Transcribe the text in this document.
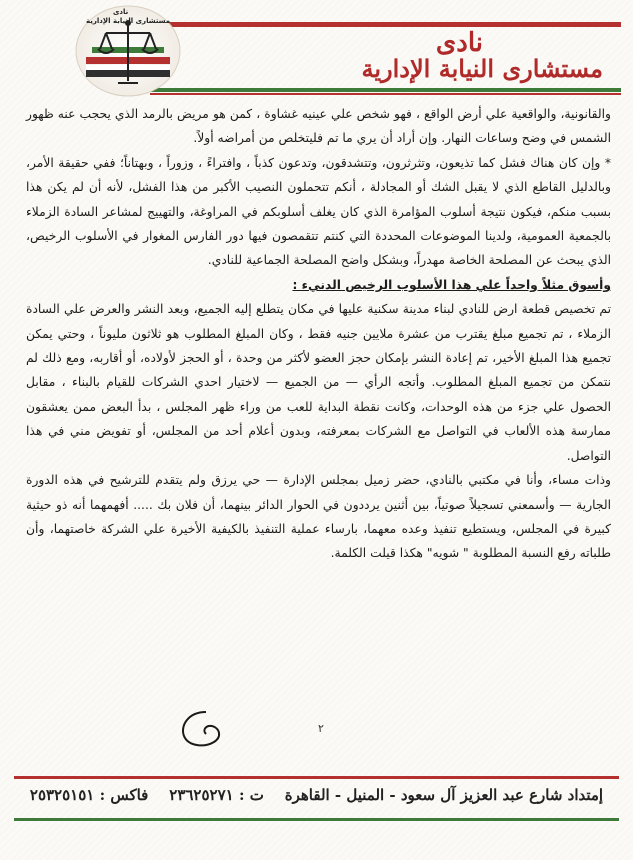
نادى
مستشارى النيابة الإدارية
نادى
مستشارى النيابة الإدارية

والقانونية، والواقعية علي أرض الواقع ، فهو شخص علي عينيه غشاوة ، كمن هو مريض بالرمد الذي يحجب عنه ظهور الشمس في وضح وساعات النهار. وإن أراد أن يري ما تم فليتخلص من أمراضه أولاً.

* وإن كان هناك فشل كما تذيعون، وتثرثرون، وتتشدقون، وتدعون كذباً ، وافتراءً ، وزوراً ، وبهتاناً؛ ففي حقيقة الأمر، وبالدليل القاطع الذي لا يقبل الشك أو المجادلة ، أنكم تتحملون النصيب الأكبر من هذا الفشل، لأنه أن لم يكن هذا بسبب منكم، فيكون نتيجة أسلوب المؤامرة الذي كان يغلف أسلوبكم في المراوغة، والتهييج لمشاعر السادة الزملاء بالجمعية العمومية، ولدينا الموضوعات المحددة التي كنتم تتقمصون فيها دور الفارس المغوار في الأسلوب الرخيص، الذي يبحث عن المصلحة الخاصة مهدراً، وبشكل واضح المصلحة الجماعية للنادي.

وأسوق مثلاً واحداً علي هذا الأسلوب الرخيص الدنيء :

تم تخصيص قطعة ارض للنادي لبناء مدينة سكنية عليها في مكان يتطلع إليه الجميع، وبعد النشر والعرض علي السادة الزملاء ، تم تجميع مبلغ يقترب من عشرة ملايين جنيه فقط ، وكان المبلغ المطلوب هو ثلاثون مليوناً ، وحتي يمكن تجميع هذا المبلغ الأخير، تم إعادة النشر بإمكان حجز العضو لأكثر من وحدة ، أو الحجز لأولاده، أو أقاربه، ومع ذلك لم نتمكن من تجميع المبلغ المطلوب. وأتجه الرأي — من الجميع — لاختيار احدي الشركات للقيام بالبناء ، مقابل الحصول علي جزء من هذه الوحدات، وكانت نقطة البداية للعب من وراء ظهر المجلس ، بدأ البعض ممن يعشقون ممارسة هذه الألعاب في التواصل مع الشركات بمعرفته، وبدون أعلام أحد من المجلس، أو تفويض مني في هذا التواصل.

وذات مساء، وأنا في مكتبي بالنادي، حضر زميل بمجلس الإدارة — حي يرزق ولم يتقدم للترشيح في هذه الدورة الجارية — وأسمعني تسجيلاً صوتياً، بين أثنين يرددون في الحوار الدائر بينهما، أن فلان بك ..... أفهمهما أنه ذو حيثية كبيرة في المجلس، ويستطيع تنفيذ وعده معهما، بارساء عملية التنفيذ بالكيفية الأخيرة علي الشركة خاصتهما، وأن طلباته رفع النسبة المطلوبة " شويه" هكذا قيلت الكلمة.

٢
إمتداد شارع عبد العزيز آل سعود - المنيل - القاهرة    ت : ٢٣٦٢٥٢٧١    فاكس : ٢٥٣٢٥١٥١
